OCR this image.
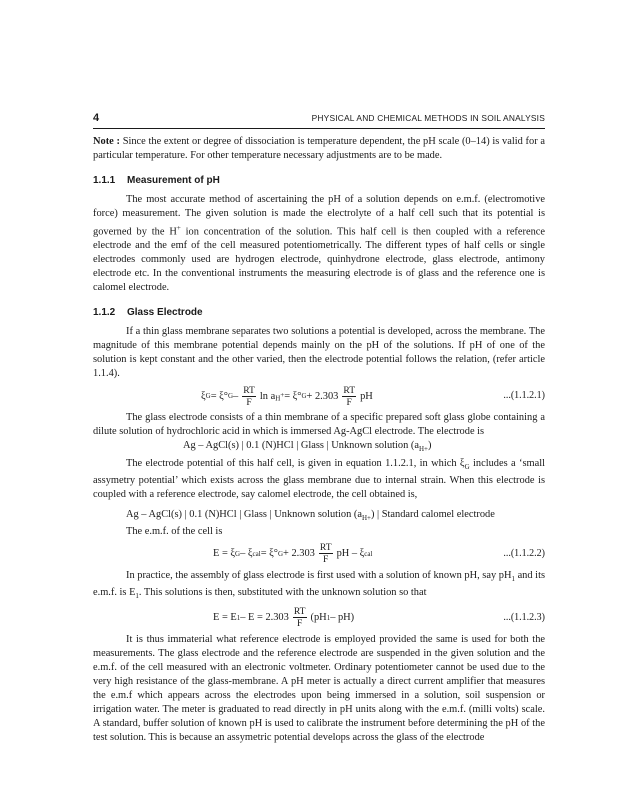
4	PHYSICAL AND CHEMICAL METHODS IN SOIL ANALYSIS

Note : Since the extent or degree of dissociation is temperature dependent, the pH scale (0–14) is valid for a particular temperature. For other temperature necessary adjustments are to be made.

1.1.1 Measurement of pH

The most accurate method of ascertaining the pH of a solution depends on e.m.f. (electromotive force) measurement. The given solution is made the electrolyte of a half cell such that its potential is governed by the H+ ion concentration of the solution. This half cell is then coupled with a reference electrode and the emf of the cell measured potentiometrically. The different types of half cells or single electrodes commonly used are hydrogen electrode, quinhydrone electrode, glass electrode, antimony electrode etc. In the conventional instruments the measuring electrode is of glass and the reference one is calomel electrode.

1.1.2 Glass Electrode

If a thin glass membrane separates two solutions a potential is developed, across the membrane. The magnitude of this membrane potential depends mainly on the pH of the solutions. If pH of one of the solution is kept constant and the other varied, then the electrode potential follows the relation, (refer article 1.1.4).

ξ G = ξ° G – $\frac{RT}{F}$ ln a H+ = ξ° $G + 2.303 \frac{RT}{F}$ pH	...(1.1.2.1)

The glass electrode consists of a thin membrane of a specific prepared soft glass globe containing a dilute solution of hydrochloric acid in which is immersed Ag-AgCl electrode. The electrode is

Ag – AgCl(s) | 0.1 (N)HCl | Glass | Unknown solution $(a_{H+})$

The electrode potential of this half cell, is given in equation 1.1.2.1, in which $\xi_G$ includes a ‘small assymetry potential’ which exists across the glass membrane due to internal strain. When this electrode is coupled with a reference electrode, say calomel electrode, the cell obtained is,

Ag – AgCl(s) | 0.1 (N)HCl | Glass | Unknown solution $(a_{H+})$ | Standard calomel electrode
The e.m.f. of the cell is
E = ξ G – ξ cal = ξ° $G + 2.303 \frac{RT}{F}$ pH – ξ cal	...(1.1.2.2)

In practice, the assembly of glass electrode is first used with a solution of known pH, say $pH_1$ and its e.m.f. is $E_1$. This solutions is then, substituted with the unknown solution so that

E = E $1 - E = 2.303 \frac{RT}{F} (pH$ 1 – pH)	...(1.1.2.3)

It is thus immaterial what reference electrode is employed provided the same is used for both the measurements. The glass electrode and the reference electrode are suspended in the given solution and the e.m.f. of the cell measured with an electronic voltmeter. Ordinary potentiometer cannot be used due to the very high resistance of the glass-membrane. A pH meter is actually a direct current amplifier that measures the e.m.f which appears across the electrodes upon being immersed in a solution, soil suspension or irrigation water. The meter is graduated to read directly in pH units along with the e.m.f. (milli volts) scale. A standard, buffer solution of known pH is used to calibrate the instrument before determining the pH of the test solution. This is because an assymetric potential develops across the glass of the electrode
